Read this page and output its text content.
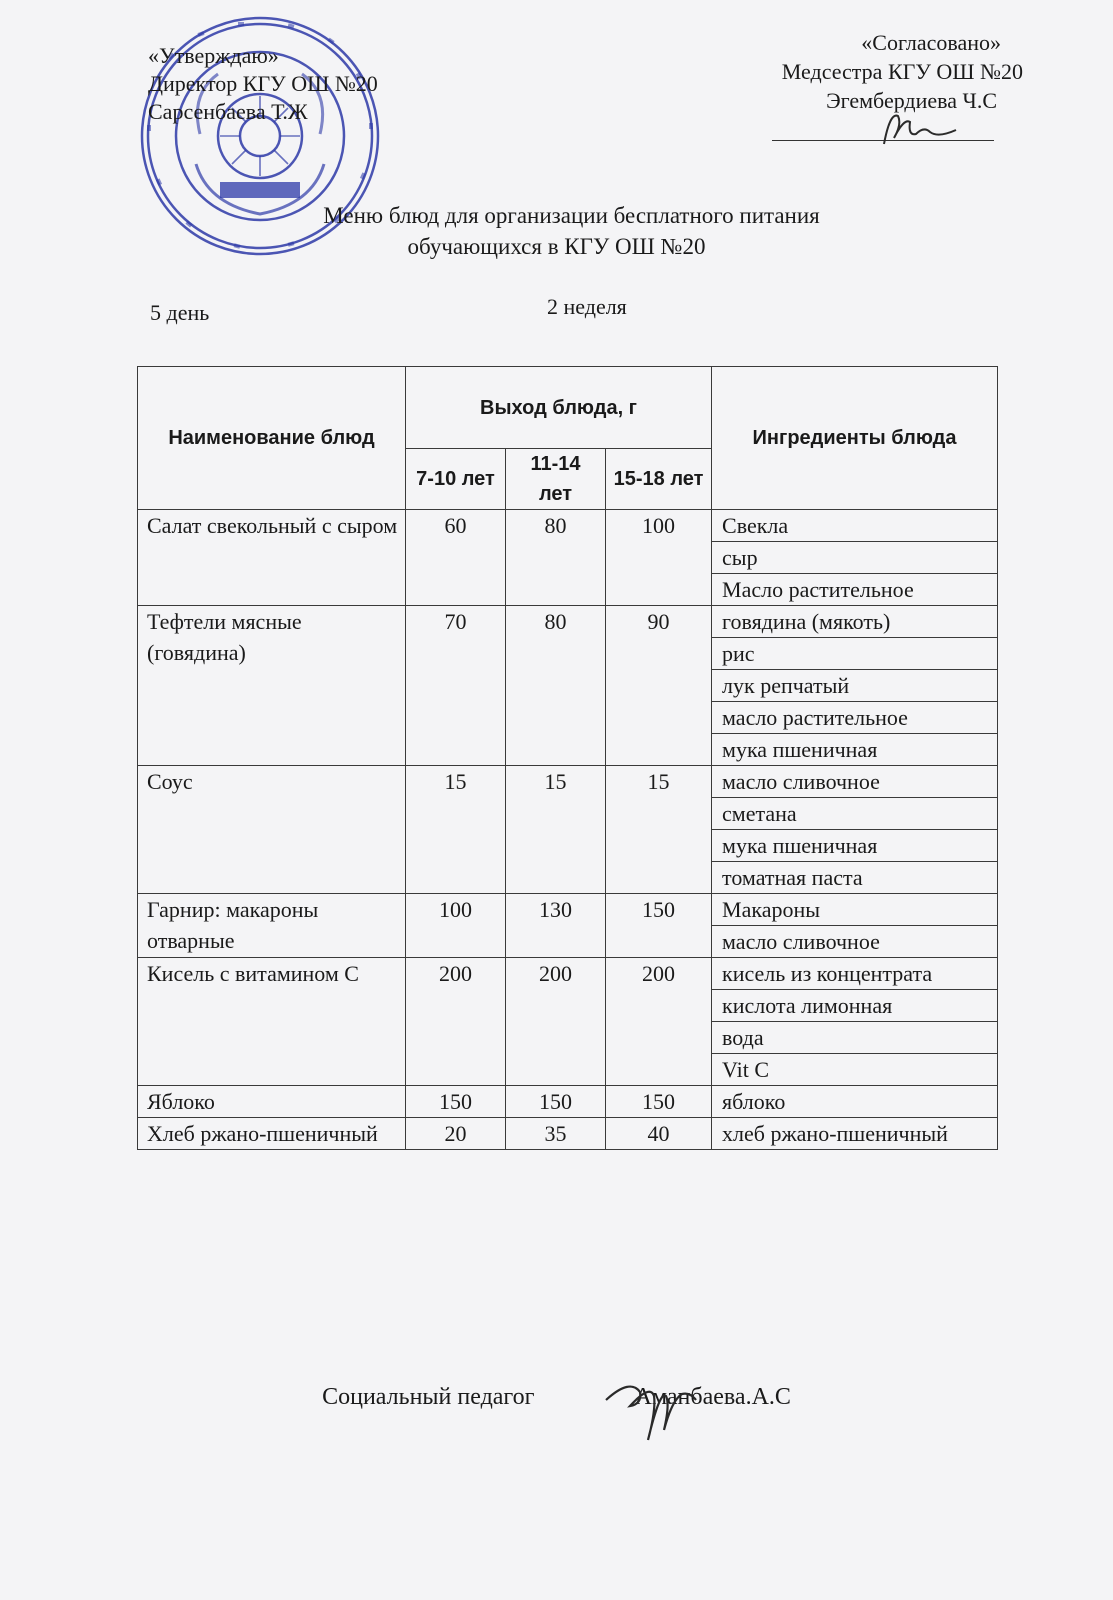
«Утверждаю»
Директор КГУ ОШ №20
Сарсенбаева Т.Ж
«Согласовано»
Медсестра КГУ ОШ №20
Эгембердиева Ч.С
Меню блюд для организации бесплатного питания
обучающихся в КГУ ОШ №20
5 день	2 неделя
Наименование блюд	Выход блюда, г			Ингредиенты блюда
	7-10 лет	11-14 лет	15-18 лет	
Салат свекольный с сыром	60	80	100	Свекла
				сыр
				Масло растительное
Тефтели мясные (говядина)	70	80	90	говядина (мякоть)
				рис
				лук репчатый
				масло растительное
				мука пшеничная
Соус	15	15	15	масло сливочное
				сметана
				мука пшеничная
				томатная паста
Гарнир: макароны отварные	100	130	150	Макароны
				масло сливочное
Кисель с витамином С	200	200	200	кисель из концентрата
				кислота лимонная
				вода
				Vit C
Яблоко	150	150	150	яблоко
Хлеб ржано-пшеничный	20	35	40	хлеб ржано-пшеничный
Социальный педагог	Аманбаева.А.С
